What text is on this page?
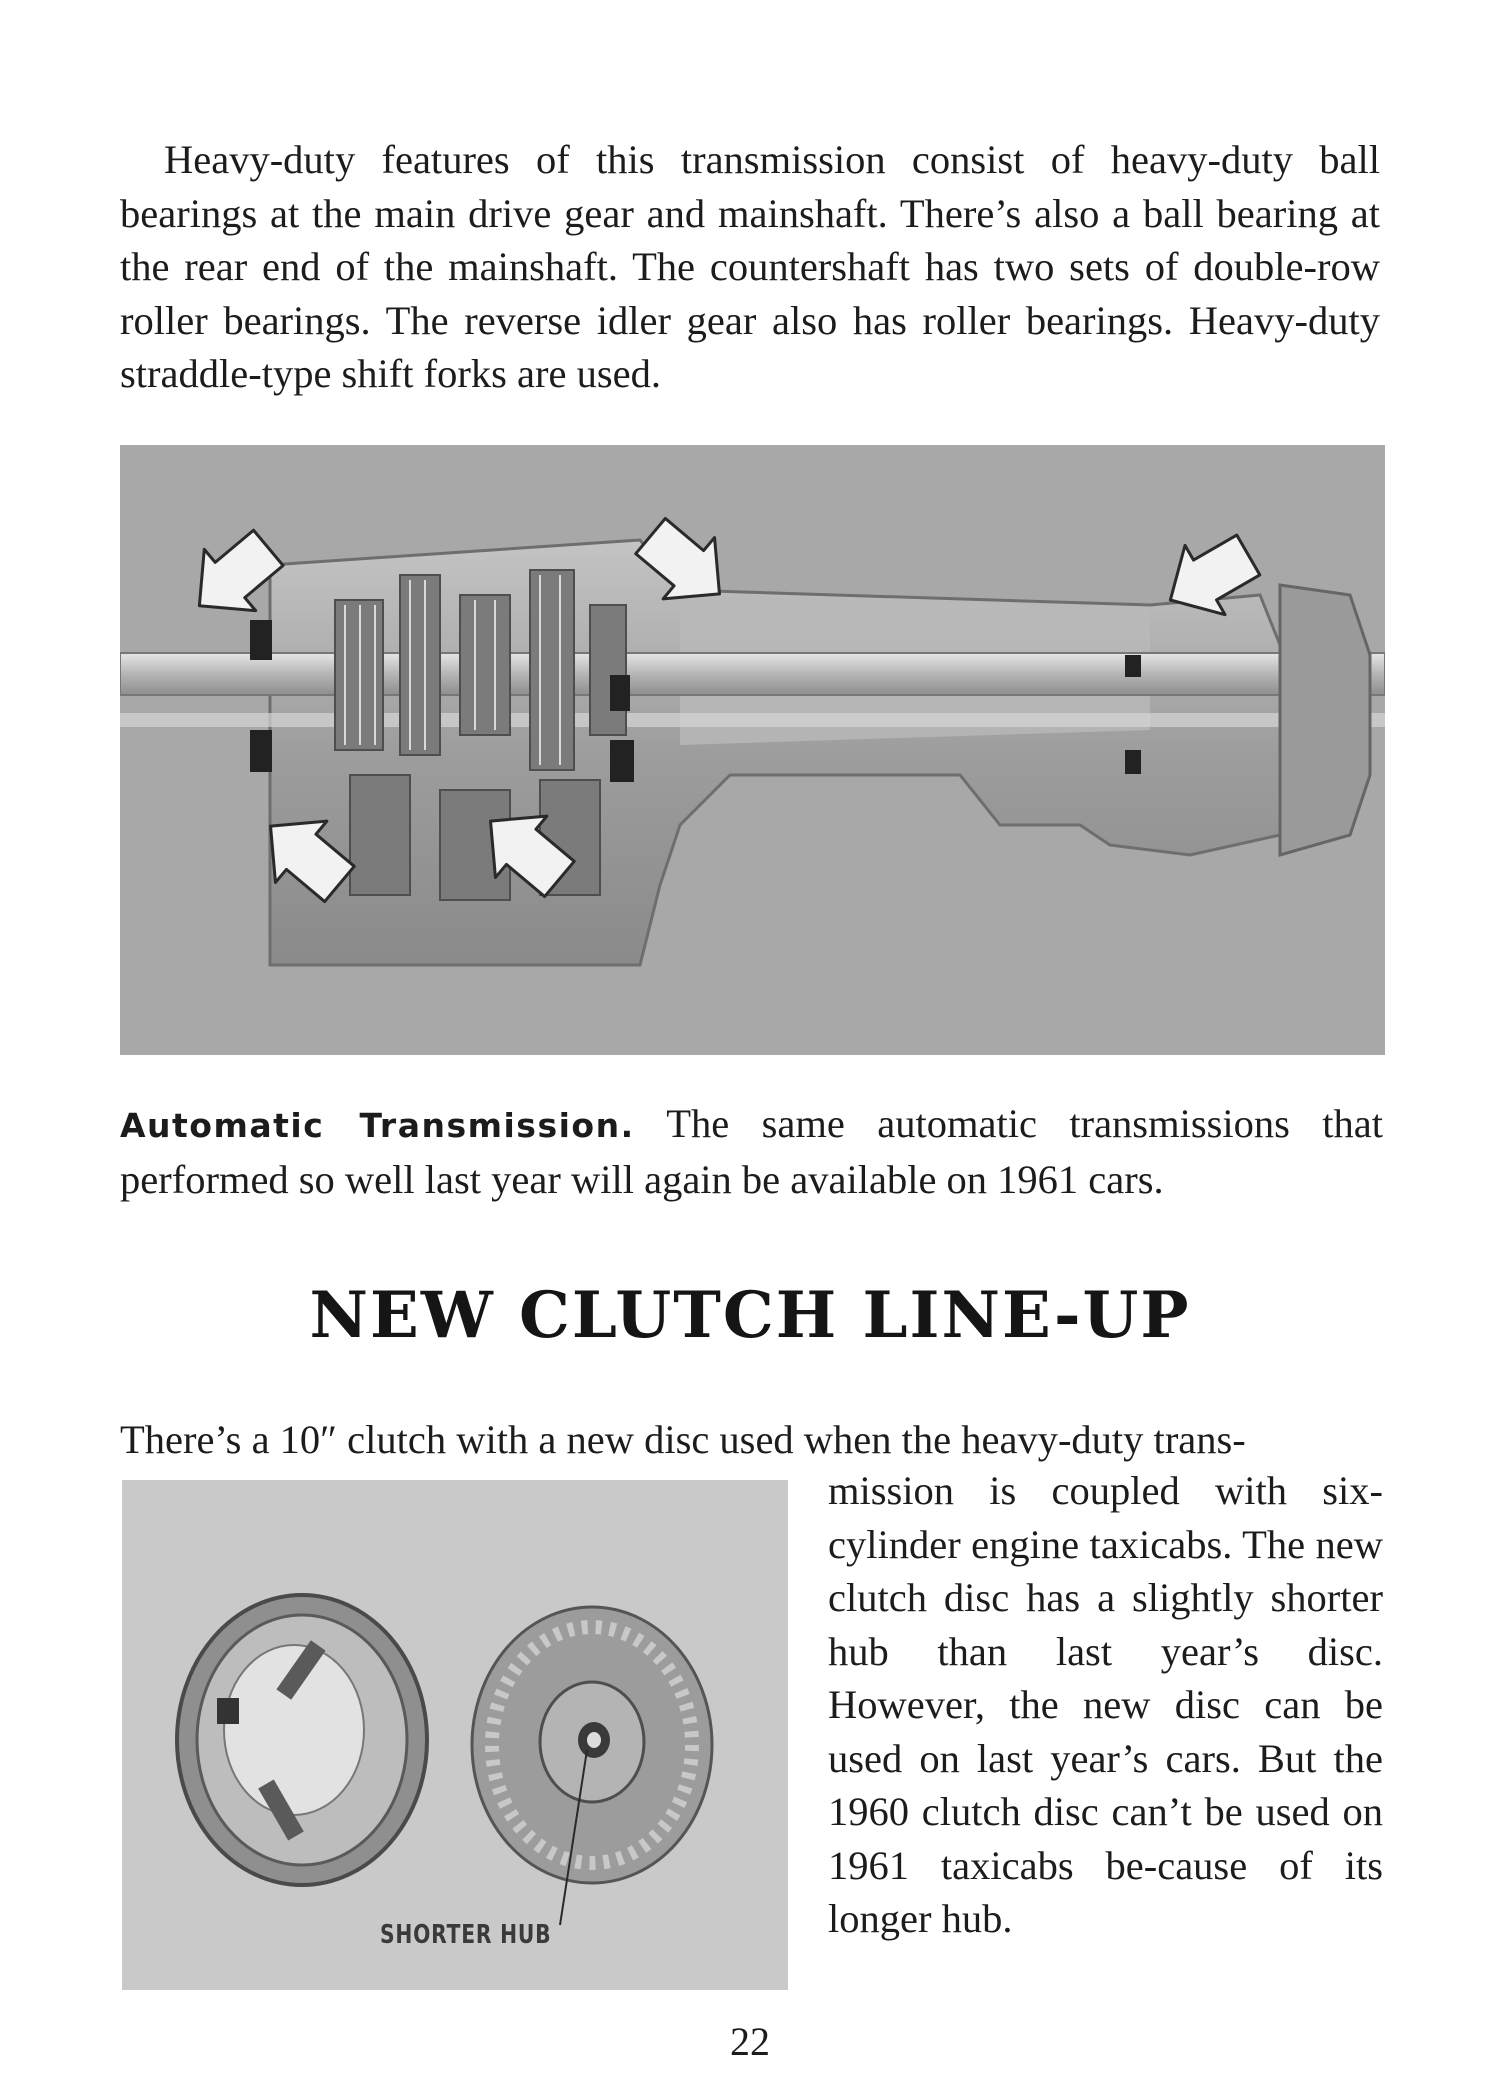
Heavy-duty features of this transmission consist of heavy-duty ball bearings at the main drive gear and mainshaft. There’s also a ball bearing at the rear end of the mainshaft. The countershaft has two sets of double-row roller bearings. The reverse idler gear also has roller bearings. Heavy-duty straddle-type shift forks are used.

Automatic Transmission. The same automatic transmissions that performed so well last year will again be available on 1961 cars.

NEW CLUTCH LINE-UP

There’s a 10″ clutch with a new disc used when the heavy-duty trans-

SHORTER HUB

mission is coupled with six-cylinder engine taxicabs. The new clutch disc has a slightly shorter hub than last year’s disc. However, the new disc can be used on last year’s cars. But the 1960 clutch disc can’t be used on 1961 taxicabs be-cause of its longer hub.

22
